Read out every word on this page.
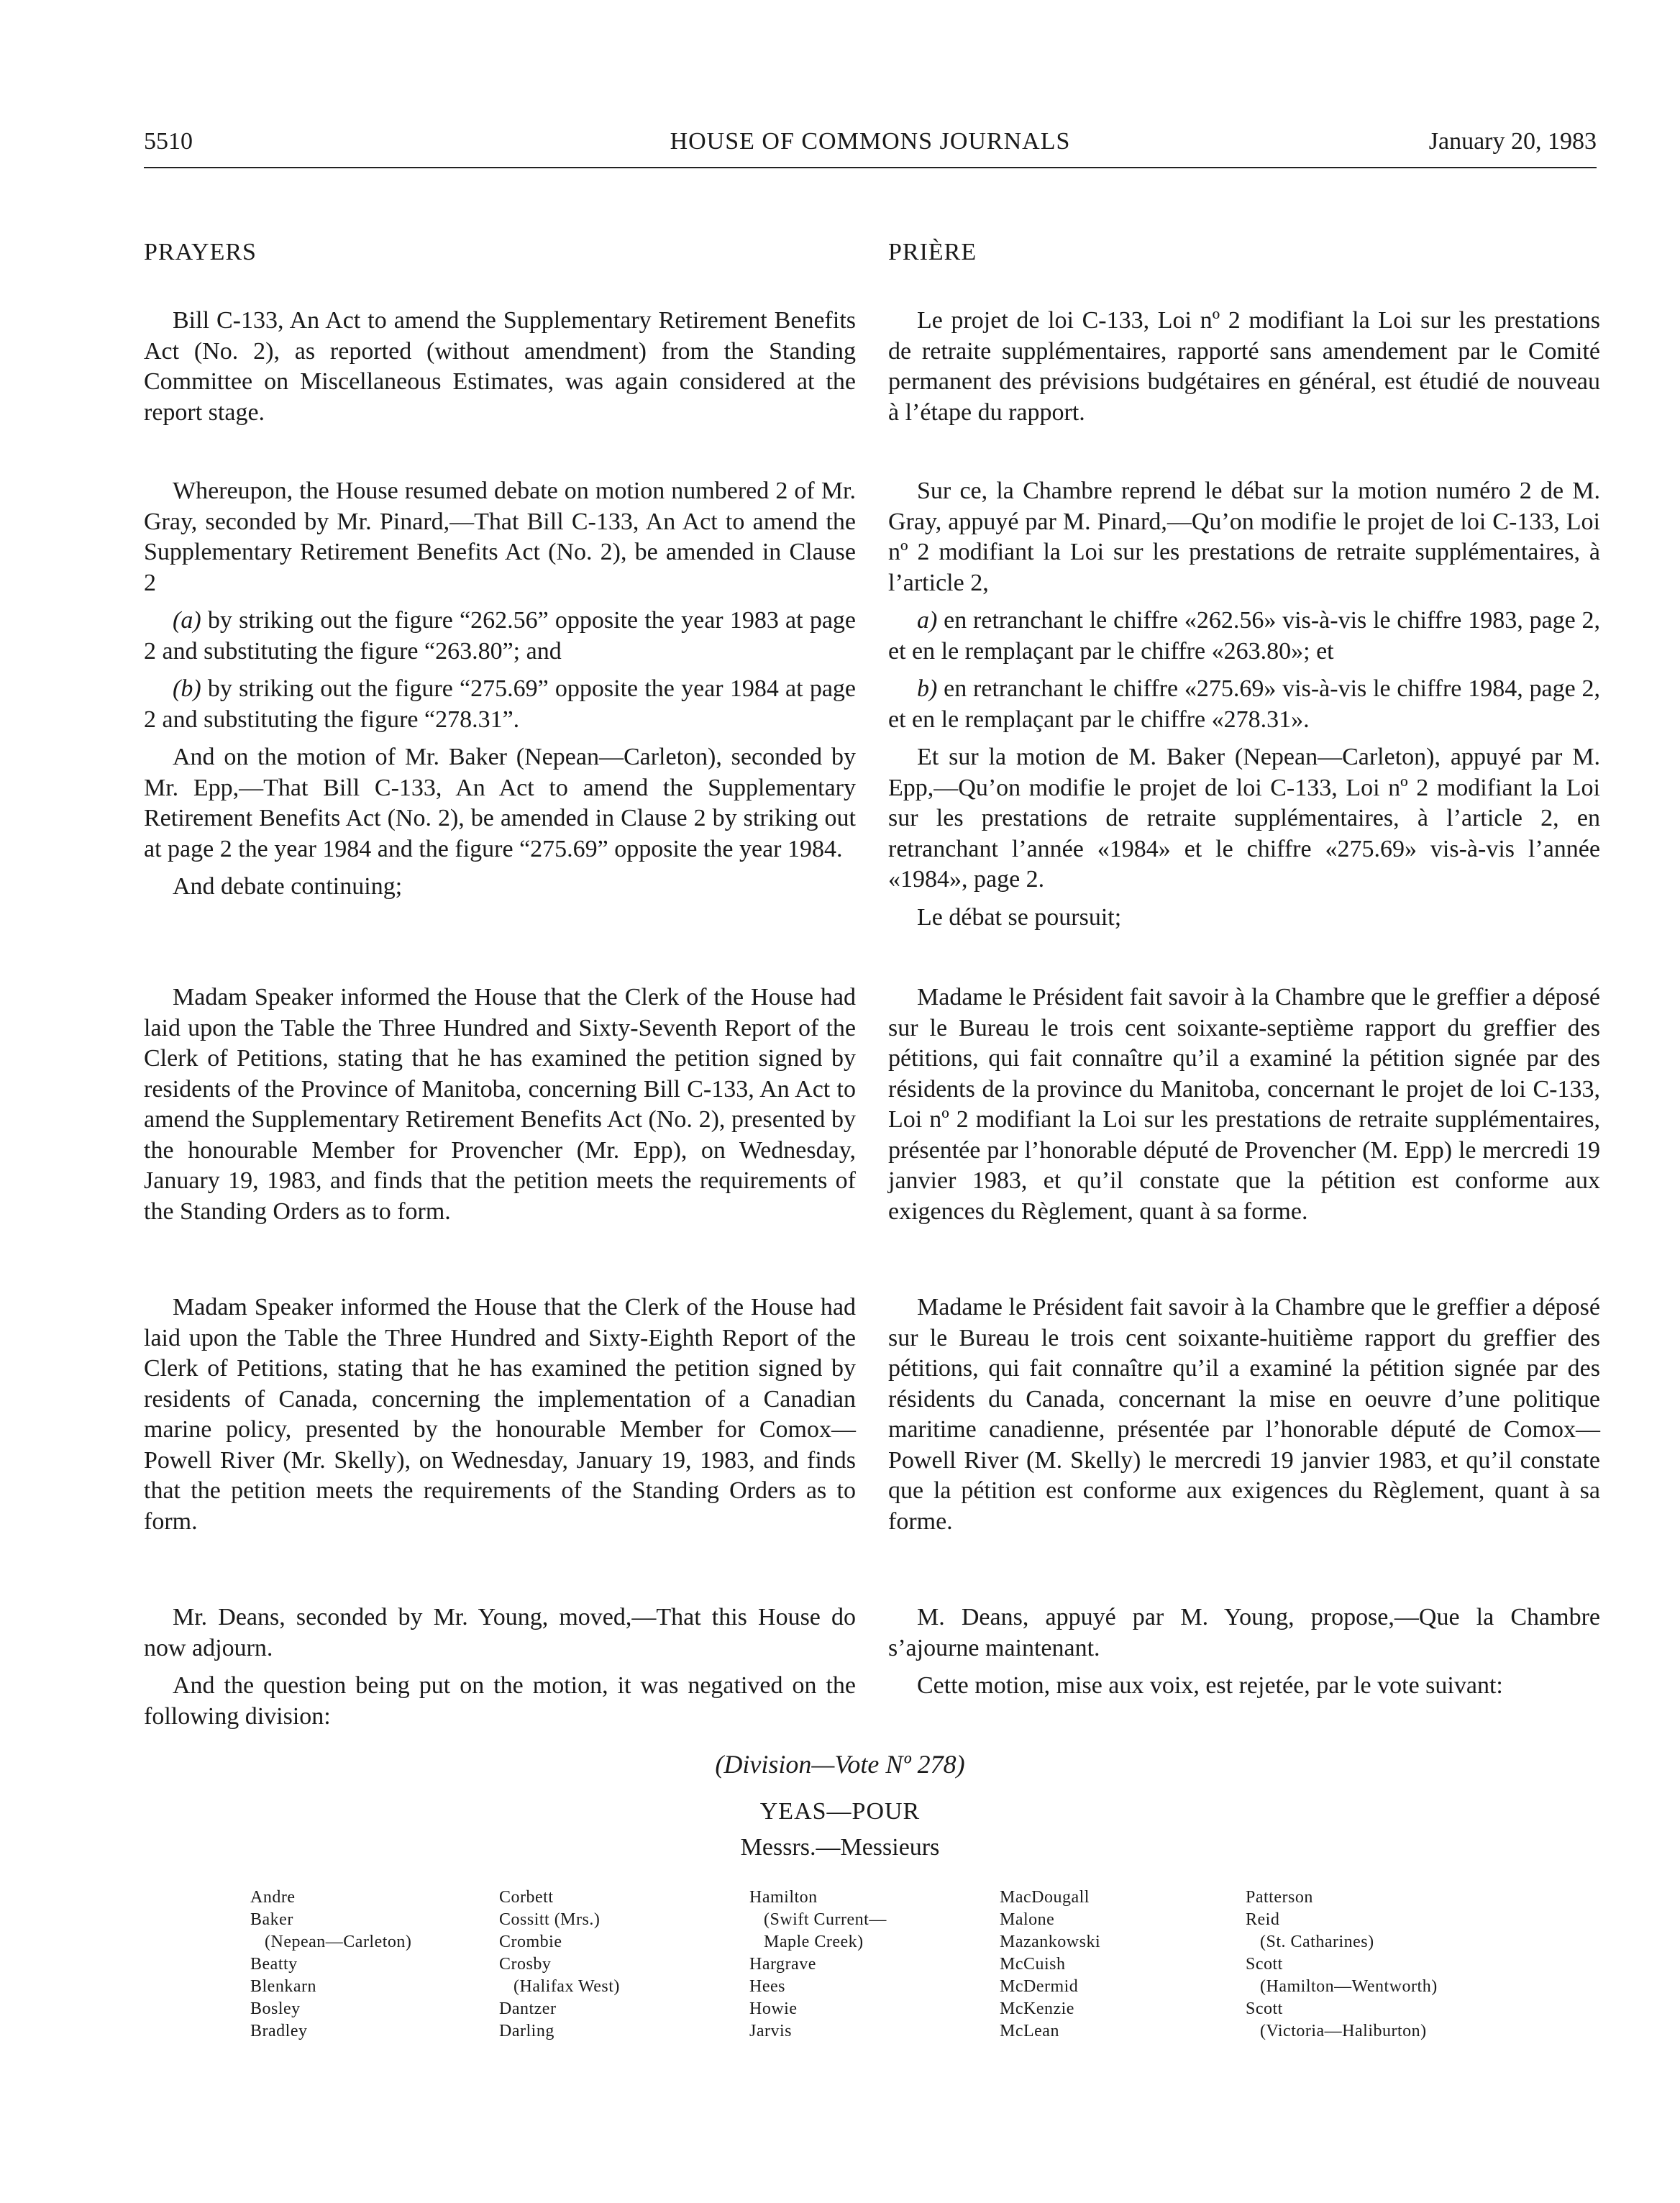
HOUSE OF COMMONS JOURNALS
5510	January 20, 1983
PRAYERS

Bill C-133, An Act to amend the Supplementary Retirement Benefits Act (No. 2), as reported (without amendment) from the Standing Committee on Miscellaneous Estimates, was again considered at the report stage.

Whereupon, the House resumed debate on motion numbered 2 of Mr. Gray, seconded by Mr. Pinard,—That Bill C-133, An Act to amend the Supplementary Retirement Benefits Act (No. 2), be amended in Clause 2

(a) by striking out the figure “262.56” opposite the year 1983 at page 2 and substituting the figure “263.80”; and

(b) by striking out the figure “275.69” opposite the year 1984 at page 2 and substituting the figure “278.31”.

And on the motion of Mr. Baker (Nepean—Carleton), seconded by Mr. Epp,—That Bill C-133, An Act to amend the Supplementary Retirement Benefits Act (No. 2), be amended in Clause 2 by striking out at page 2 the year 1984 and the figure “275.69” opposite the year 1984.

And debate continuing;

Madam Speaker informed the House that the Clerk of the House had laid upon the Table the Three Hundred and Sixty-Seventh Report of the Clerk of Petitions, stating that he has examined the petition signed by residents of the Province of Manitoba, concerning Bill C-133, An Act to amend the Supplementary Retirement Benefits Act (No. 2), presented by the honourable Member for Provencher (Mr. Epp), on Wednesday, January 19, 1983, and finds that the petition meets the requirements of the Standing Orders as to form.

Madam Speaker informed the House that the Clerk of the House had laid upon the Table the Three Hundred and Sixty-Eighth Report of the Clerk of Petitions, stating that he has examined the petition signed by residents of Canada, concerning the implementation of a Canadian marine policy, presented by the honourable Member for Comox—Powell River (Mr. Skelly), on Wednesday, January 19, 1983, and finds that the petition meets the requirements of the Standing Orders as to form.

Mr. Deans, seconded by Mr. Young, moved,—That this House do now adjourn.

And the question being put on the motion, it was negatived on the following division:

PRIÈRE

Le projet de loi C-133, Loi nº 2 modifiant la Loi sur les prestations de retraite supplémentaires, rapporté sans amendement par le Comité permanent des prévisions budgétaires en général, est étudié de nouveau à l’étape du rapport.

Sur ce, la Chambre reprend le débat sur la motion numéro 2 de M. Gray, appuyé par M. Pinard,—Qu’on modifie le projet de loi C-133, Loi nº 2 modifiant la Loi sur les prestations de retraite supplémentaires, à l’article 2,

a) en retranchant le chiffre «262.56» vis-à-vis le chiffre 1983, page 2, et en le remplaçant par le chiffre «263.80»; et

b) en retranchant le chiffre «275.69» vis-à-vis le chiffre 1984, page 2, et en le remplaçant par le chiffre «278.31».

Et sur la motion de M. Baker (Nepean—Carleton), appuyé par M. Epp,—Qu’on modifie le projet de loi C-133, Loi nº 2 modifiant la Loi sur les prestations de retraite supplémentaires, à l’article 2, en retranchant l’année «1984» et le chiffre «275.69» vis-à-vis l’année «1984», page 2.

Le débat se poursuit;

Madame le Président fait savoir à la Chambre que le greffier a déposé sur le Bureau le trois cent soixante-septième rapport du greffier des pétitions, qui fait connaître qu’il a examiné la pétition signée par des résidents de la province du Manitoba, concernant le projet de loi C-133, Loi nº 2 modifiant la Loi sur les prestations de retraite supplémentaires, présentée par l’honorable député de Provencher (M. Epp) le mercredi 19 janvier 1983, et qu’il constate que la pétition est conforme aux exigences du Règlement, quant à sa forme.

Madame le Président fait savoir à la Chambre que le greffier a déposé sur le Bureau le trois cent soixante-huitième rapport du greffier des pétitions, qui fait connaître qu’il a examiné la pétition signée par des résidents du Canada, concernant la mise en oeuvre d’une politique maritime canadienne, présentée par l’honorable député de Comox—Powell River (M. Skelly) le mercredi 19 janvier 1983, et qu’il constate que la pétition est conforme aux exigences du Règlement, quant à sa forme.

M. Deans, appuyé par M. Young, propose,—Que la Chambre s’ajourne maintenant.

Cette motion, mise aux voix, est rejetée, par le vote suivant:

(Division—Vote Nº 278)
YEAS—POUR
Messrs.—Messieurs
Andre
Baker
(Nepean—Carleton)
Beatty
Blenkarn
Bosley
Bradley
Corbett
Cossitt (Mrs.)
Crombie
Crosby
(Halifax West)
Dantzer
Darling
Hamilton
(Swift Current—
Maple Creek)
Hargrave
Hees
Howie
Jarvis
MacDougall
Malone
Mazankowski
McCuish
McDermid
McKenzie
McLean
Patterson
Reid
(St. Catharines)
Scott
(Hamilton—Wentworth)
Scott
(Victoria—Haliburton)
